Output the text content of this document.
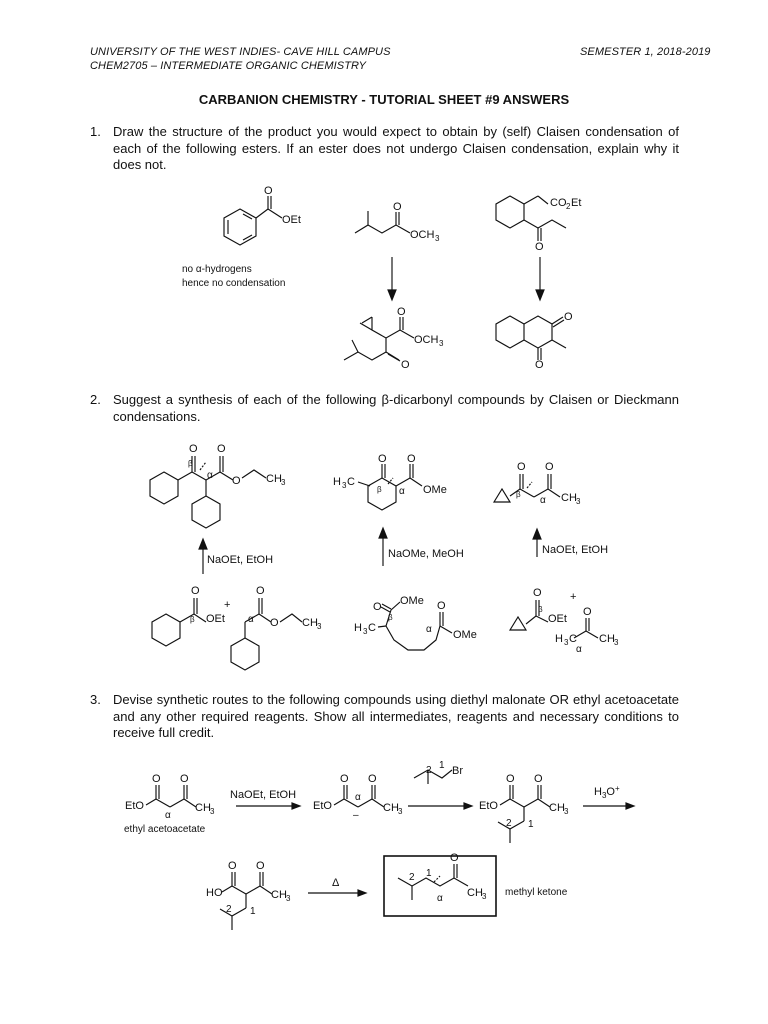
UNIVERSITY OF THE WEST INDIES- CAVE HILL CAMPUS
CHEM2705 – INTERMEDIATE ORGANIC CHEMISTRY
SEMESTER 1, 2018-2019
CARBANION CHEMISTRY - TUTORIAL SHEET #9 ANSWERS
1. Draw the structure of the product you would expect to obtain by (self) Claisen condensation of each of the following esters. If an ester does not undergo Claisen condensation, explain why it does not.
2. Suggest a synthesis of each of the following β-dicarbonyl compounds by Claisen or Dieckmann condensations.
3. Devise synthetic routes to the following compounds using diethyl malonate OR ethyl acetoacetate and any other required reagents. Show all intermediates, reagents and necessary conditions to receive full credit.
O
OEt
no α-hydrogens
hence no condensation
O
OCH 3
O
OCH 3
O
CO 2 Et
O
O
O
O
β
α
O
O CH 3
NaOEt, EtOH
H 3 C
O
β α
O
OMe
NaOMe, MeOH
O
β
α
O
CH 3
NaOEt, EtOH
O
β OEt
+
α
O
O CH 3
O OMe
β
H 3 C	α
O
OMe
O
β
OEt
+
O
H 3 C CH 3
α
EtO
O O
CH 3
α
ethyl acetoacetate
NaOEt, EtOH
EtO
O O
CH 3
α
–
Br
1
2
EtO
O O
CH 3
1
2
$H_3O^+$
HO
O O
CH 3
1
2
Δ
O
CH 3
1
2
α
methyl ketone
